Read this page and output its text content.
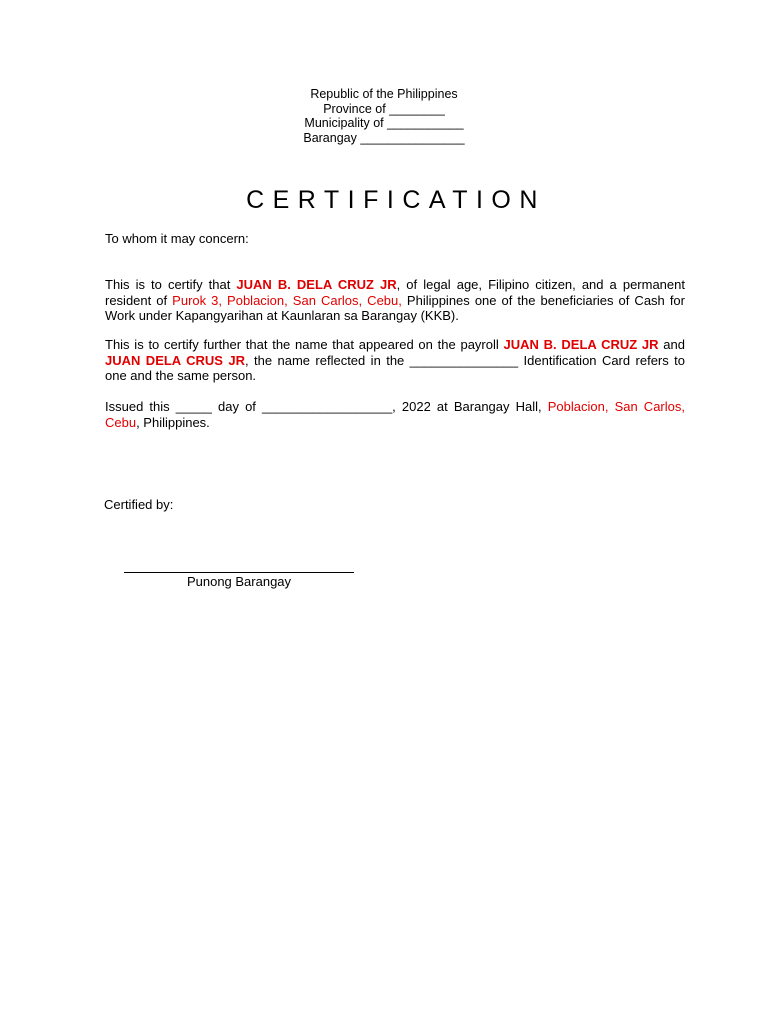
Republic of the Philippines
Province of ________
Municipality of ___________
Barangay _______________
CERTIFICATION
To whom it may concern:
This is to certify that JUAN B. DELA CRUZ JR, of legal age, Filipino citizen, and a permanent resident of Purok 3, Poblacion, San Carlos, Cebu, Philippines one of the beneficiaries of Cash for Work under Kapangyarihan at Kaunlaran sa Barangay (KKB).
This is to certify further that the name that appeared on the payroll JUAN B. DELA CRUZ JR and JUAN DELA CRUS JR, the name reflected in the _______________ Identification Card refers to one and the same person.
Issued this _____ day of __________________, 2022 at Barangay Hall, Poblacion, San Carlos, Cebu, Philippines.
Certified by:
Punong Barangay
